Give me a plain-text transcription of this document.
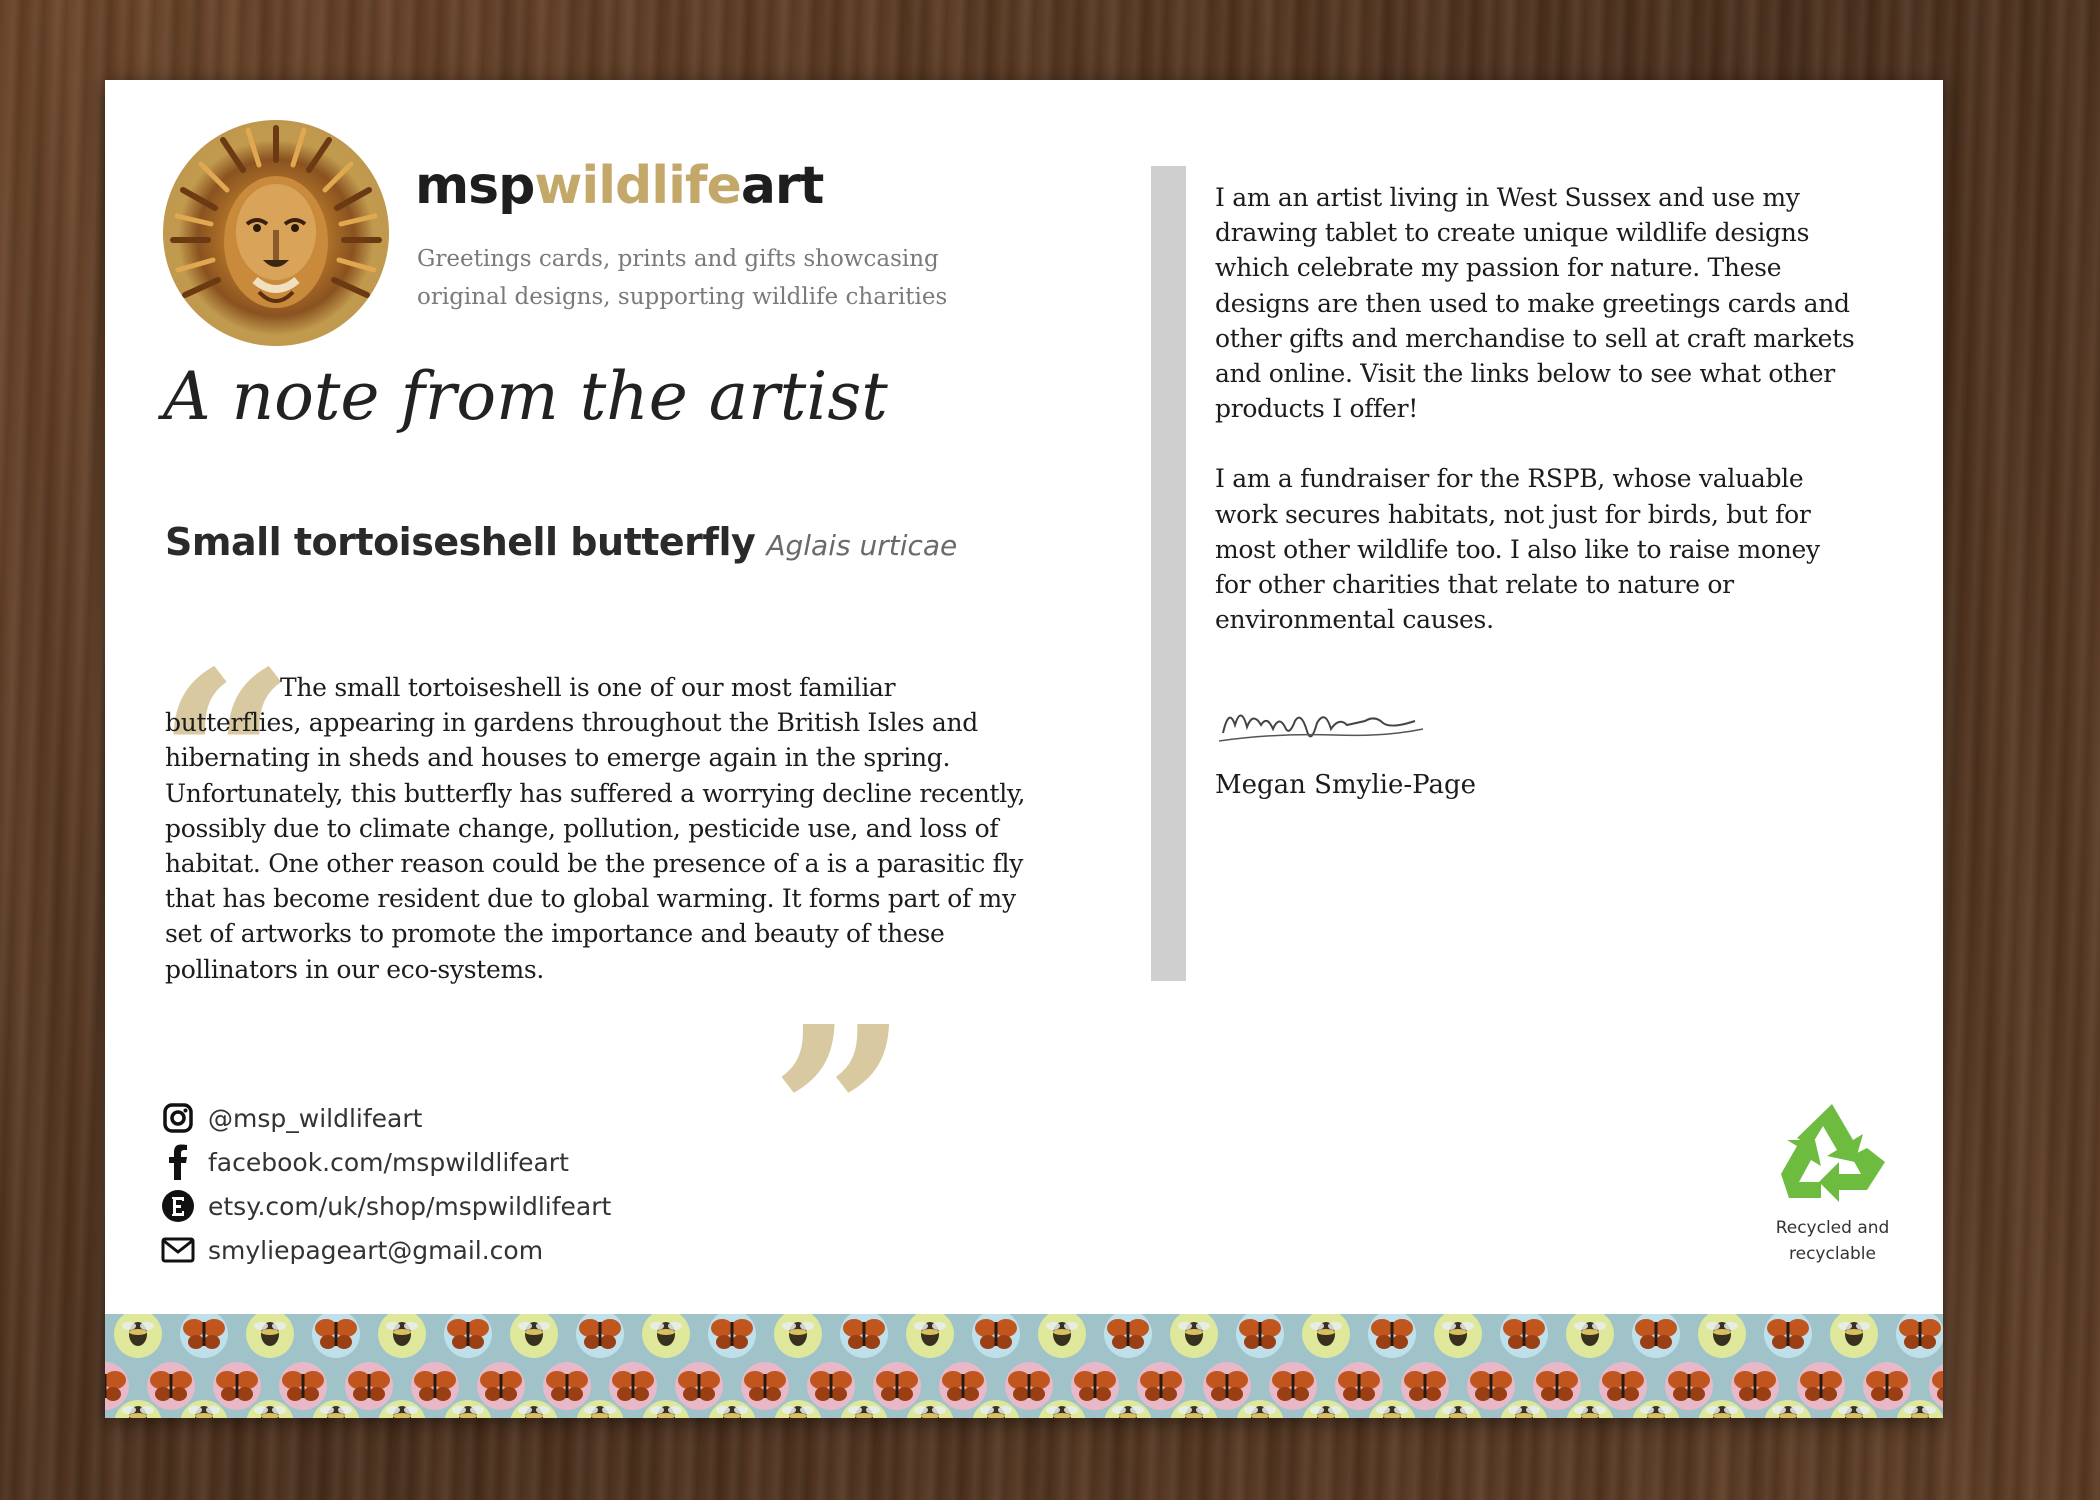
mspwildlifeart
Greetings cards, prints and gifts showcasing original designs, supporting wildlife charities
A note from the artist
Small tortoiseshell butterfly Aglais urticae
“
The small tortoiseshell is one of our most familiar butterflies, appearing in gardens throughout the British Isles and hibernating in sheds and houses to emerge again in the spring. Unfortunately, this butterfly has suffered a worrying decline recently, possibly due to climate change, pollution, pesticide use, and loss of habitat. One other reason could be the presence of a is a parasitic fly that has become resident due to global warming. It forms part of my set of artworks to promote the importance and beauty of these pollinators in our eco-systems.
”

I am an artist living in West Sussex and use my drawing tablet to create unique wildlife designs which celebrate my passion for nature. These designs are then used to make greetings cards and other gifts and merchandise to sell at craft markets and online. Visit the links below to see what other products I offer!

I am a fundraiser for the RSPB, whose valuable work secures habitats, not just for birds, but for most other wildlife too. I also like to raise money for other charities that relate to nature or environmental causes.

Megan Smylie-Page
@msp_wildlifeart
facebook.com/mspwildlifeart
etsy.com/uk/shop/mspwildlifeart
smyliepageart@gmail.com
Recycled and recyclable
